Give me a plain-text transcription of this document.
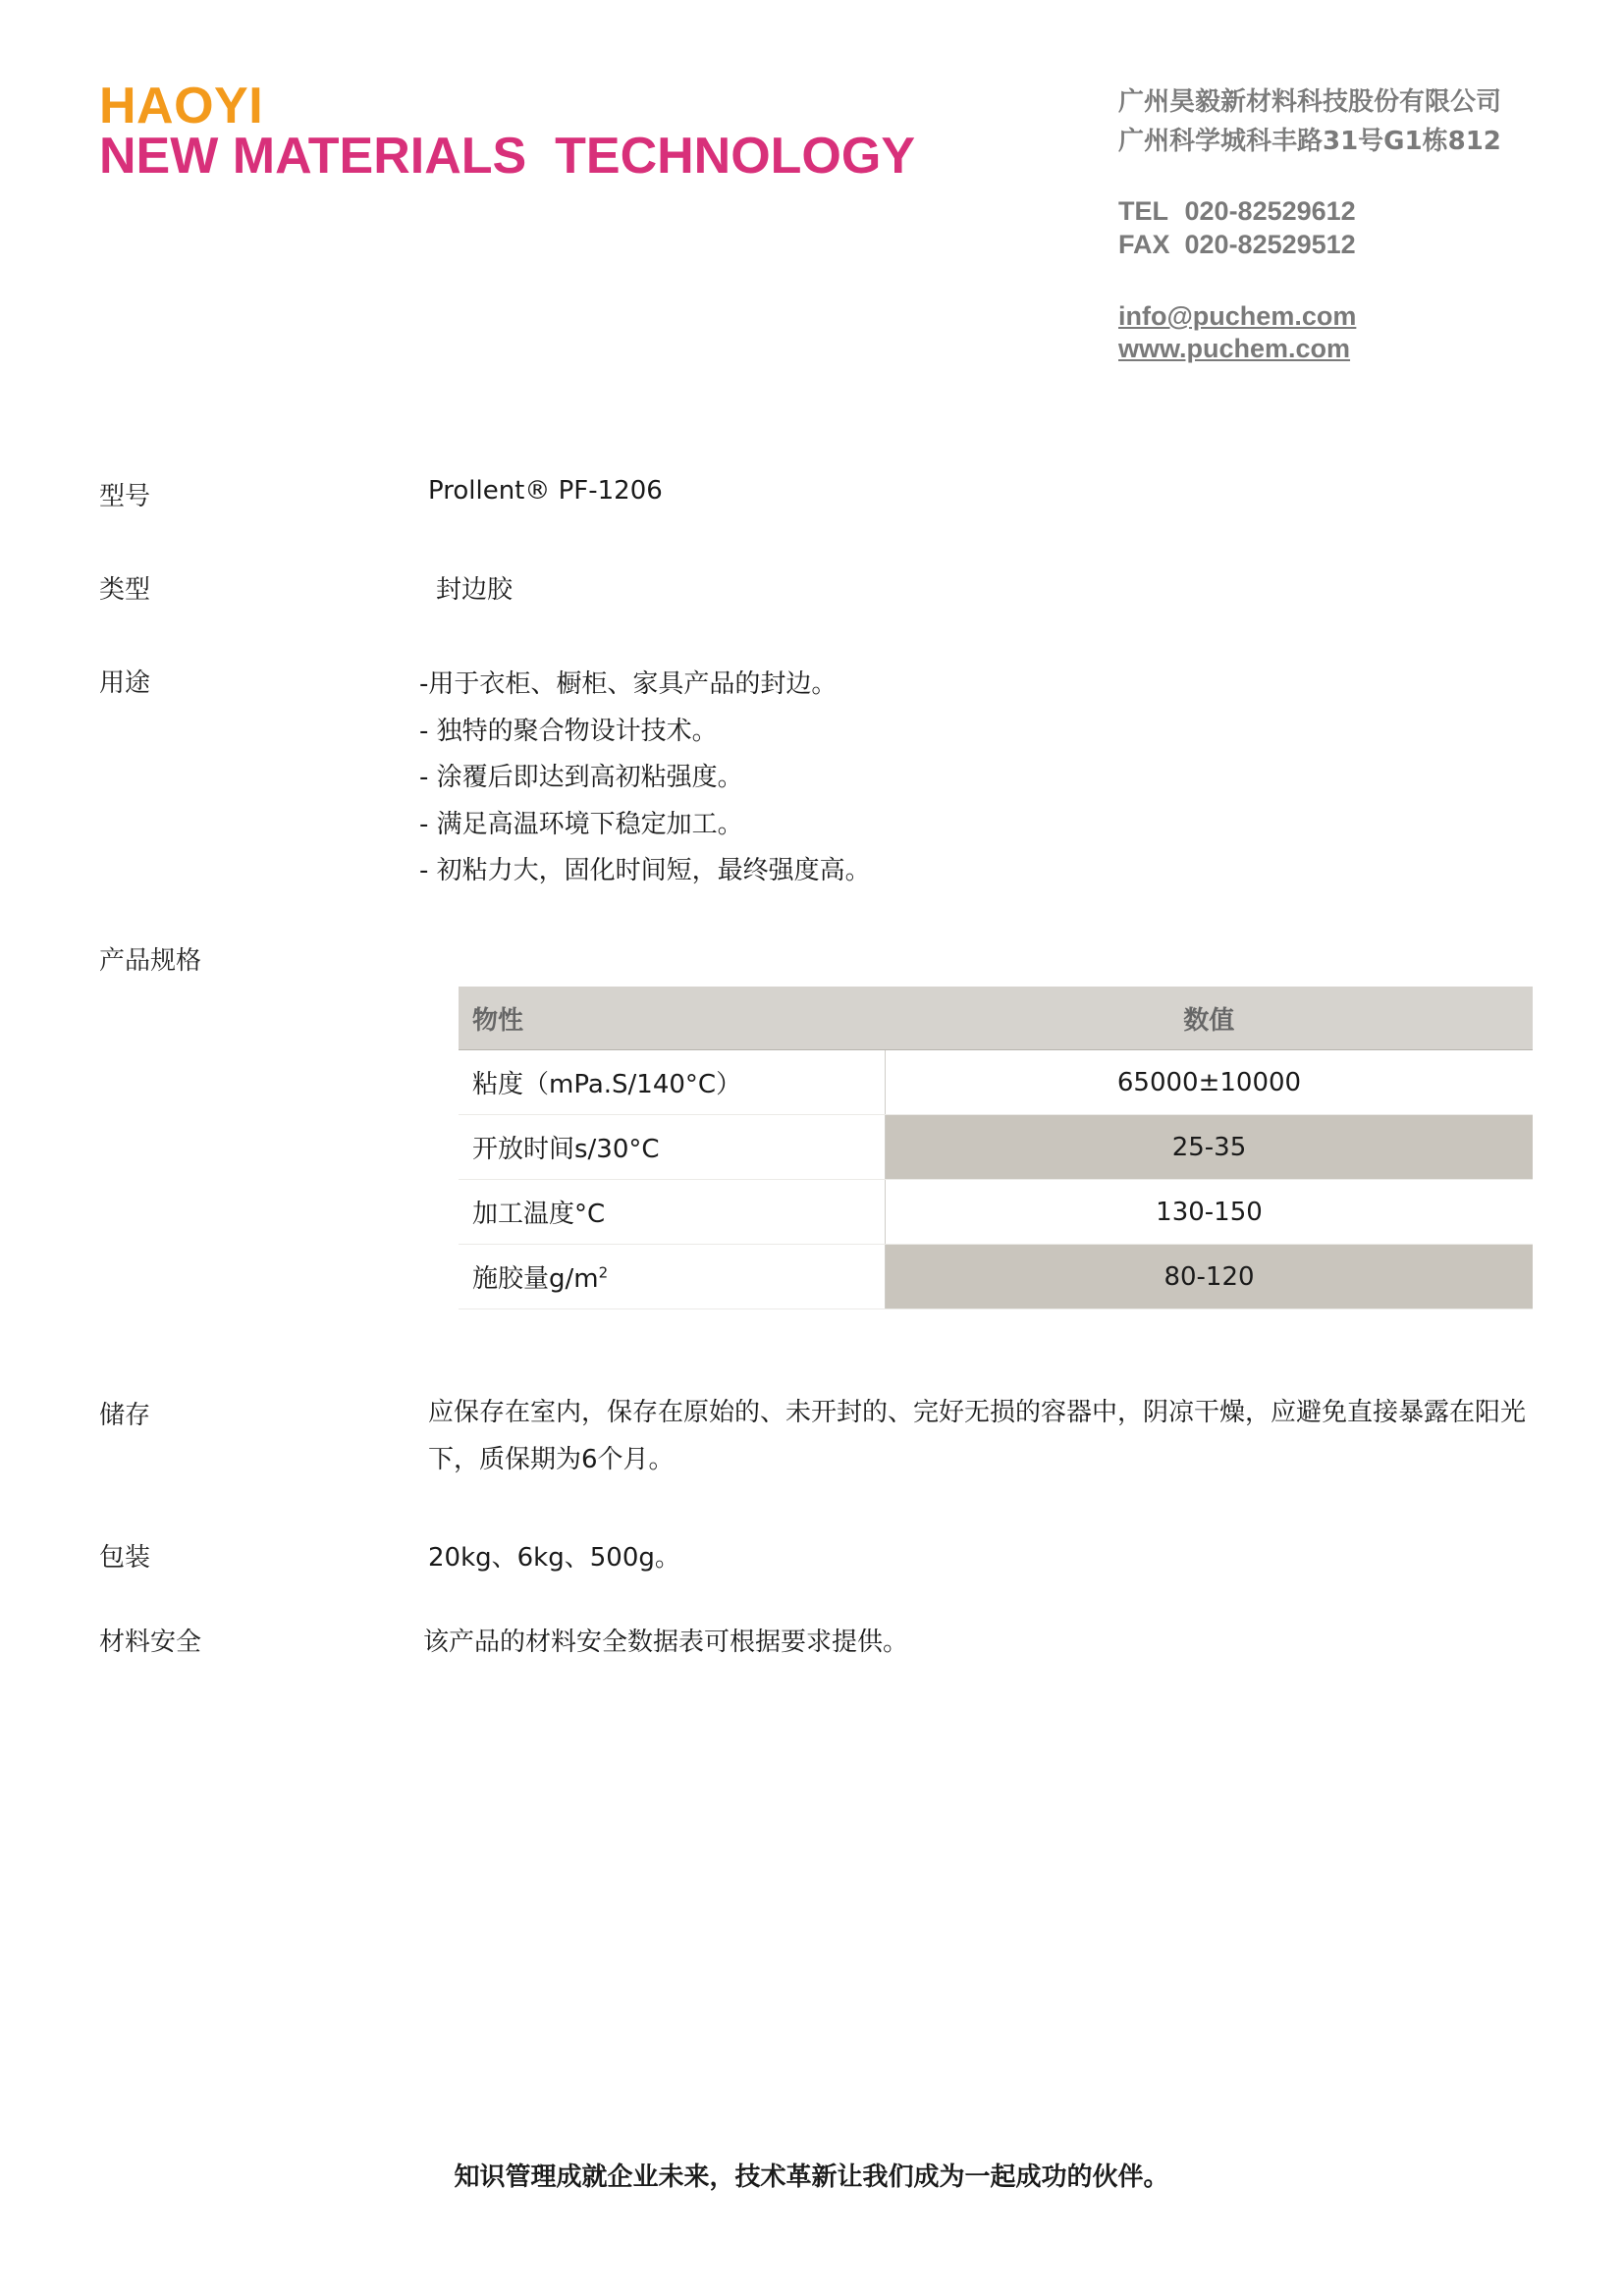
HAOYI
NEW MATERIALS  TECHNOLOGY
广州昊毅新材料科技股份有限公司
广州科学城科丰路31号G1栋812
TEL 020-82529612
FAX 020-82529512
info@puchem.com
www.puchem.com
型号	Prollent® PF-1206
类型	封边胶
用途	-用于衣柜、橱柜、家具产品的封边。
- 独特的聚合物设计技术。
- 涂覆后即达到高初粘强度。
- 满足高温环境下稳定加工。
- 初粘力大，固化时间短，最终强度高。
产品规格
物性	数值
粘度（mPa.S/140°C）	65000±10000
开放时间s/30°C	25-35
加工温度°C	130-150
施胶量$g/m^2$	80-120
储存	应保存在室内，保存在原始的、未开封的、完好无损的容器中，阴凉干燥，应避免直接暴露在阳光下，质保期为6个月。
包装	20kg、6kg、500g。
材料安全	该产品的材料安全数据表可根据要求提供。
知识管理成就企业未来，技术革新让我们成为一起成功的伙伴。
